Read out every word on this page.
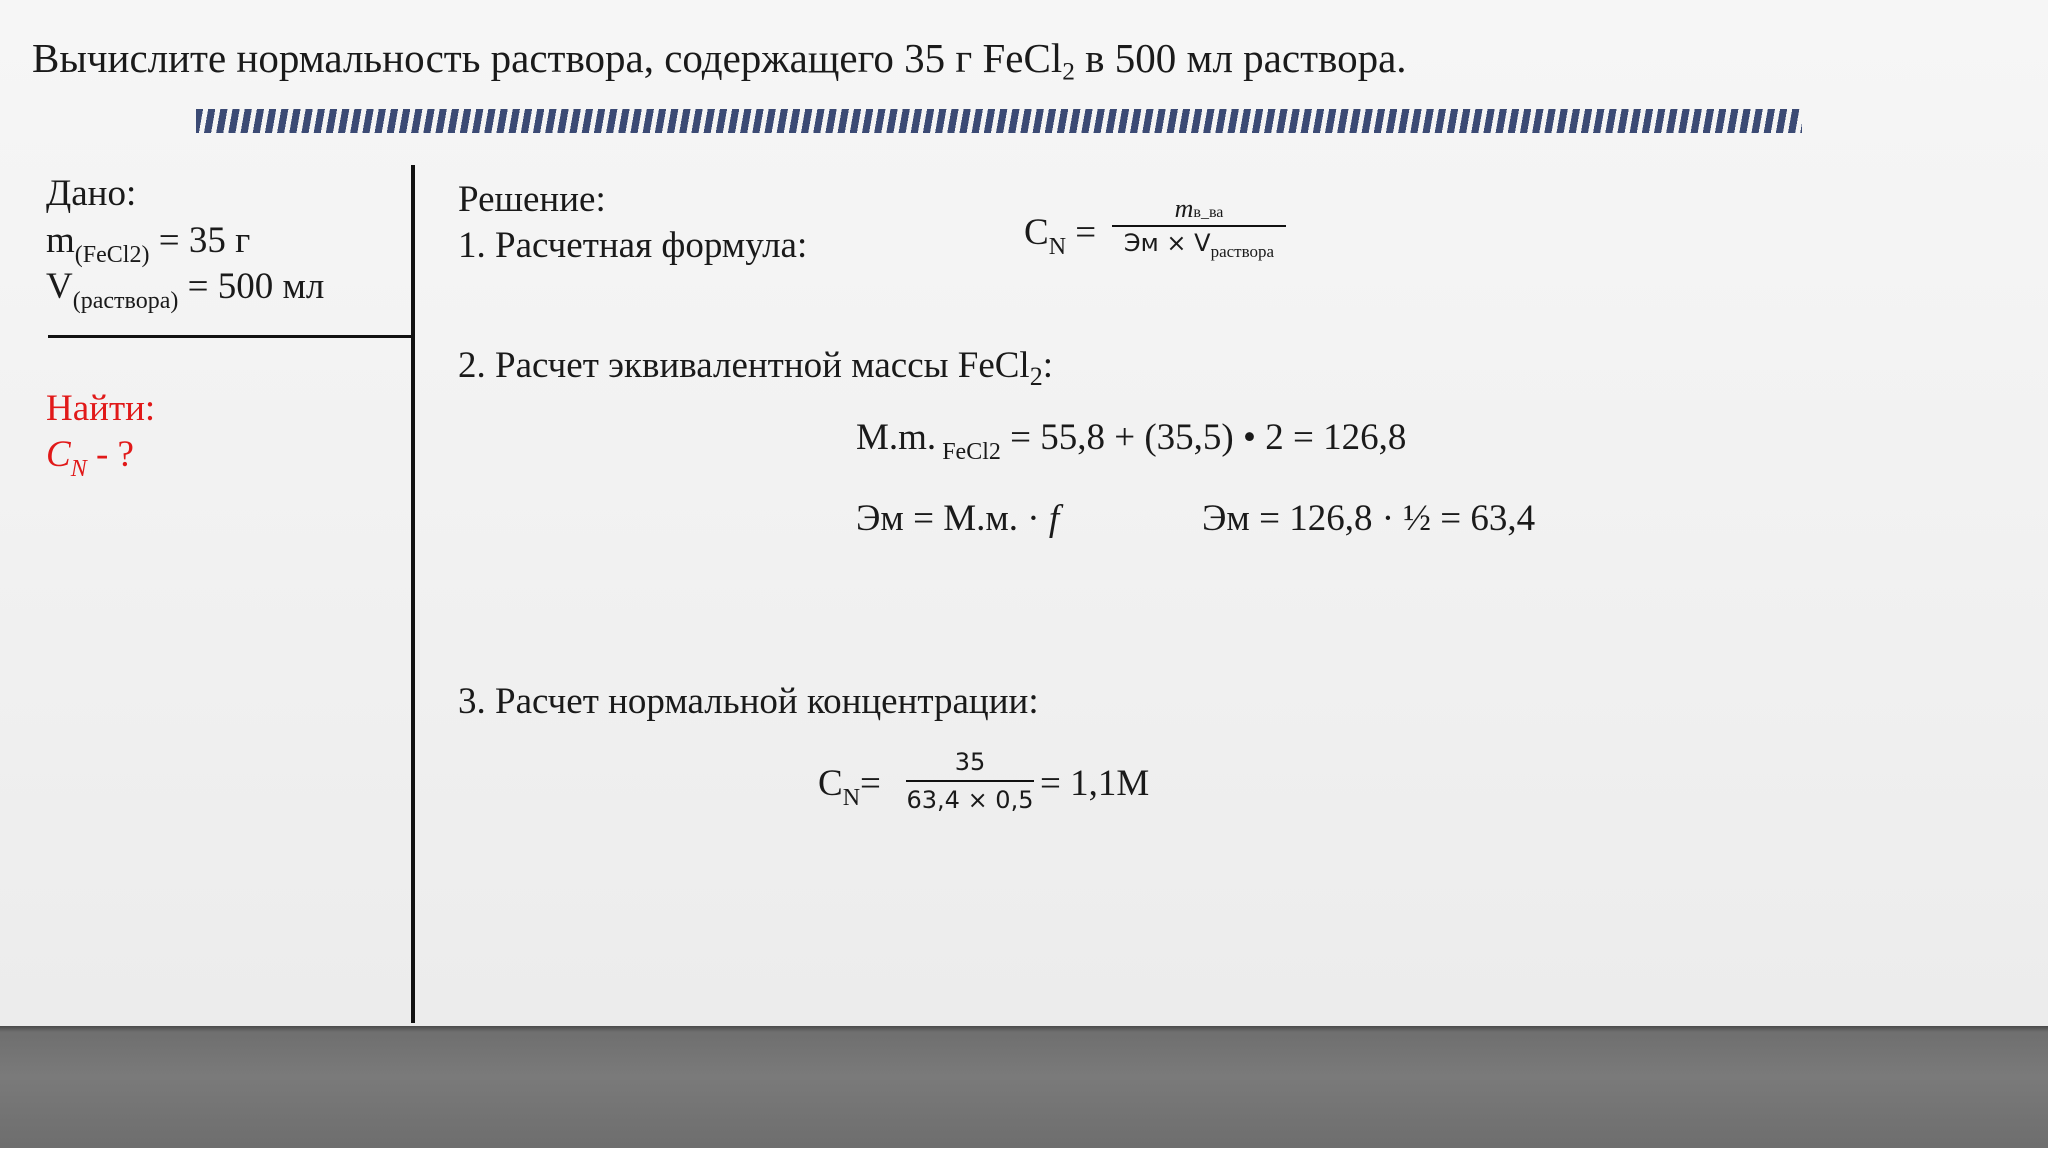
Вычислите нормальность раствора, содержащего 35 г FeCl$_2$ в 500 мл раствора.
Дано:
$m_{(FeCl2)} = 35$ г
$V_{(раствора)} = 500$ мл
Найти:
$C_N$ - ?
Решение:
1. Расчетная формула:	$C_N$ =
mв_ва
Эм × $V_{раствора}$
2. Расчет эквивалентной массы FeCl$_2$:
M.m. $_{FeCl2}$ = 55,8 + (35,5) • 2 = 126,8
Эм = M.м. · f	Эм = 126,8 · ½ = 63,4
3. Расчет нормальной концентрации:
$C_N=$
35
63,4 × 0,5 = 1,1M
